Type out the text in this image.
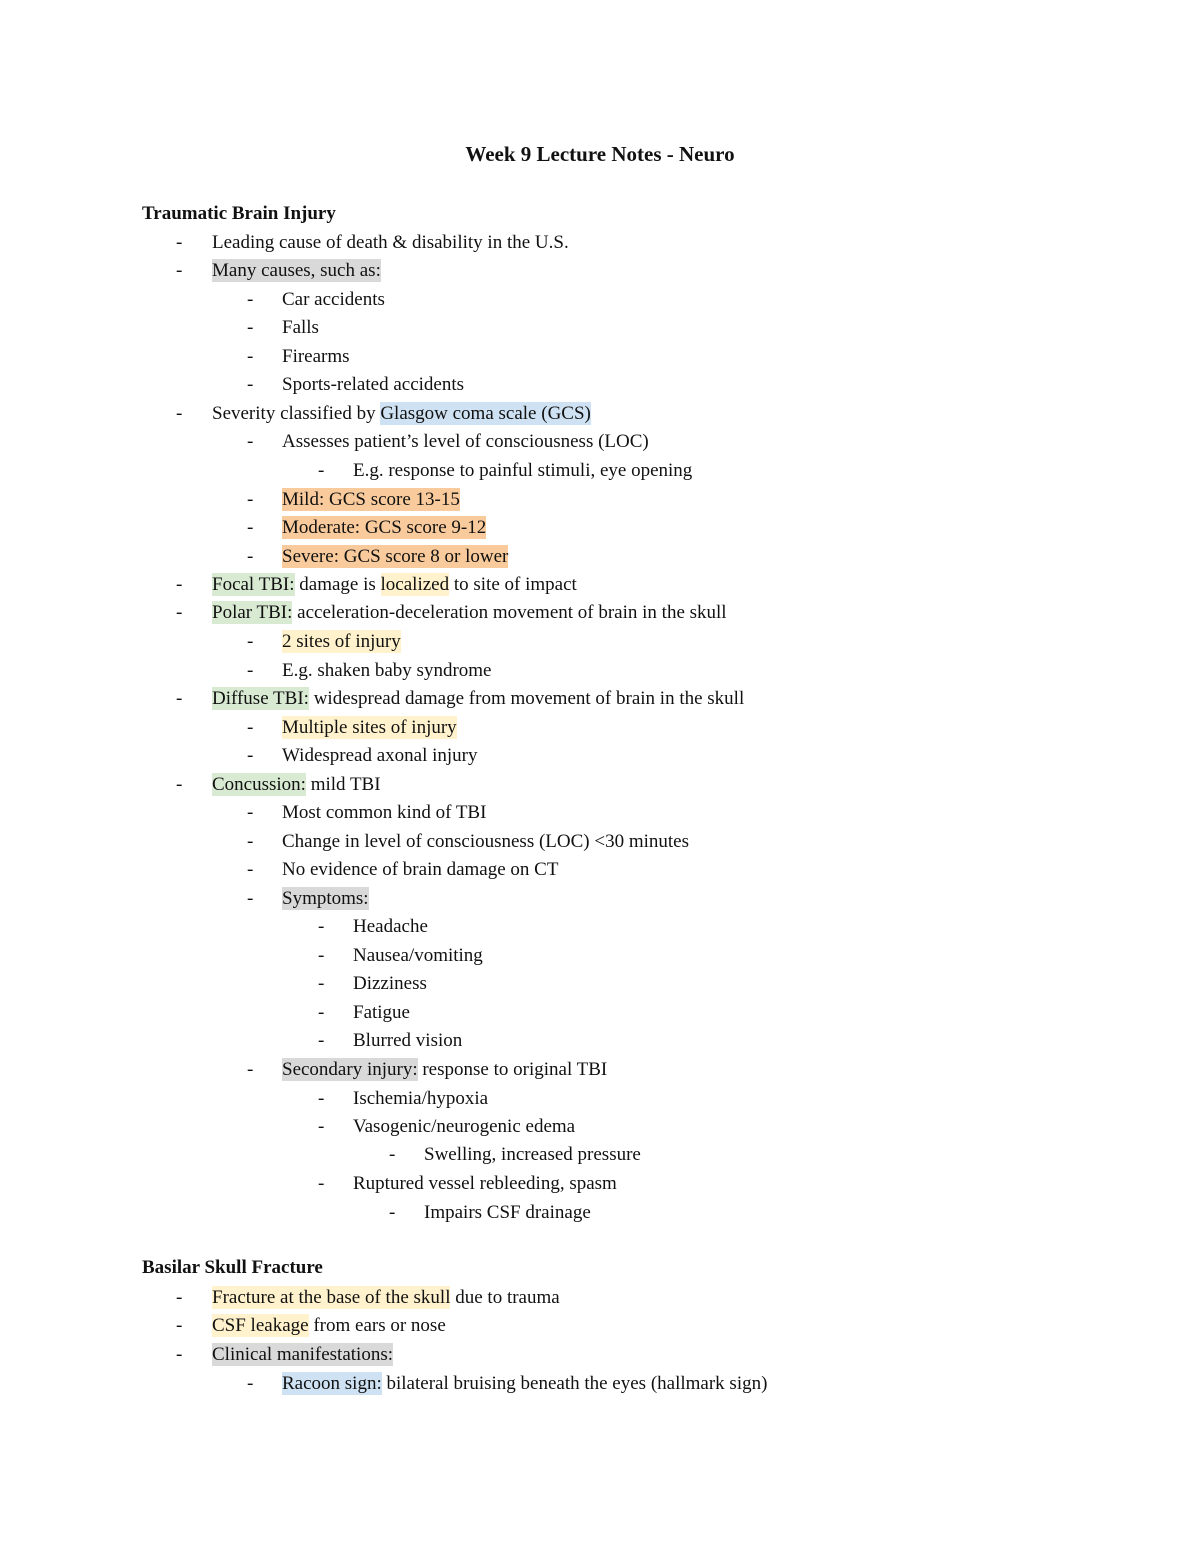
Week 9 Lecture Notes - Neuro
Traumatic Brain Injury
- Leading cause of death & disability in the U.S.
- Many causes, such as:
- Car accidents
- Falls
- Firearms
- Sports-related accidents
- Severity classified by Glasgow coma scale (GCS)
- Assesses patient’s level of consciousness (LOC)
- E.g. response to painful stimuli, eye opening
- Mild: GCS score 13-15
- Moderate: GCS score 9-12
- Severe: GCS score 8 or lower
- Focal TBI: damage is localized to site of impact
- Polar TBI: acceleration-deceleration movement of brain in the skull
- 2 sites of injury
- E.g. shaken baby syndrome
- Diffuse TBI: widespread damage from movement of brain in the skull
- Multiple sites of injury
- Widespread axonal injury
- Concussion: mild TBI
- Most common kind of TBI
- Change in level of consciousness (LOC) <30 minutes
- No evidence of brain damage on CT
- Symptoms:
- Headache
- Nausea/vomiting
- Dizziness
- Fatigue
- Blurred vision
- Secondary injury: response to original TBI
- Ischemia/hypoxia
- Vasogenic/neurogenic edema
- Swelling, increased pressure
- Ruptured vessel rebleeding, spasm
- Impairs CSF drainage
Basilar Skull Fracture
- Fracture at the base of the skull due to trauma
- CSF leakage from ears or nose
- Clinical manifestations:
- Racoon sign: bilateral bruising beneath the eyes (hallmark sign)
